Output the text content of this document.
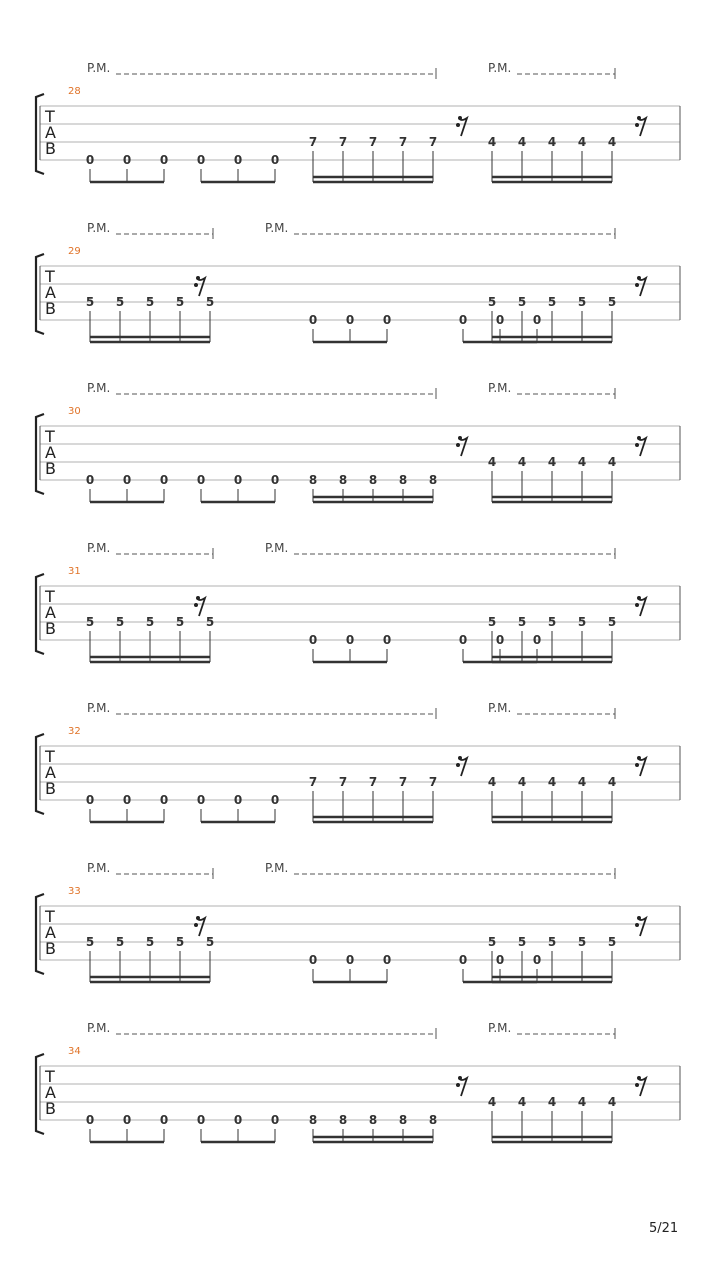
P.M.	P.M.
28
T
A
B
0 0 0 0 0 0
7 7 7 7 7	4 4 4 4 4
P.M.	P.M.
29
T
A
B 5 5 5 5 5
0 0 0	0 0 0
5 5 5 5 5
P.M.	P.M.
30
T
A
B
0 0 0 0 0 0 8 8 8 8 8
4 4 4 4 4
P.M.	P.M.
31
T
A
B 5 5 5 5 5
0 0 0	0 0 0
5 5 5 5 5
P.M.	P.M.
32
T
A
B
0 0 0 0 0 0
7 7 7 7 7	4 4 4 4 4
P.M.	P.M.
33
T
A
B 5 5 5 5 5
0 0 0	0 0 0
5 5 5 5 5
P.M.	P.M.
34
T
A
B
0 0 0 0 0 0 8 8 8 8 8
4 4 4 4 4
5/21
